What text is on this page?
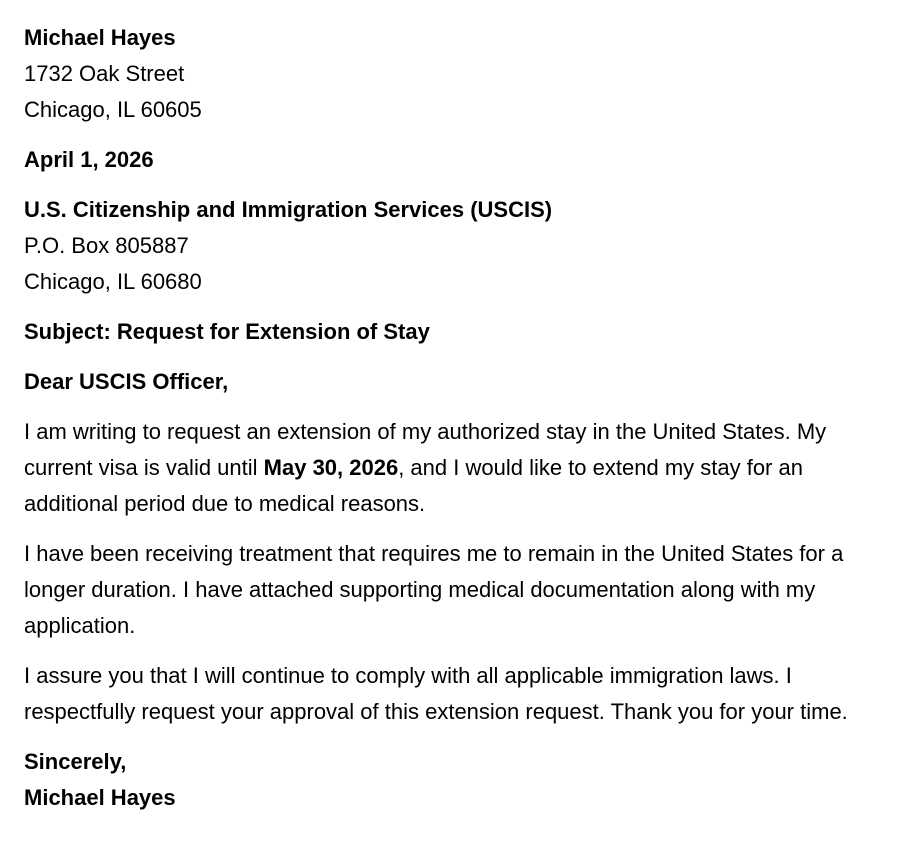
Michael Hayes
1732 Oak Street
Chicago, IL 60605
April 1, 2026
U.S. Citizenship and Immigration Services (USCIS)
P.O. Box 805887
Chicago, IL 60680
Subject: Request for Extension of Stay
Dear USCIS Officer,

I am writing to request an extension of my authorized stay in the United States. My current visa is valid until May 30, 2026, and I would like to extend my stay for an additional period due to medical reasons.

I have been receiving treatment that requires me to remain in the United States for a longer duration. I have attached supporting medical documentation along with my application.

I assure you that I will continue to comply with all applicable immigration laws. I respectfully request your approval of this extension request. Thank you for your time.

Sincerely,
Michael Hayes
